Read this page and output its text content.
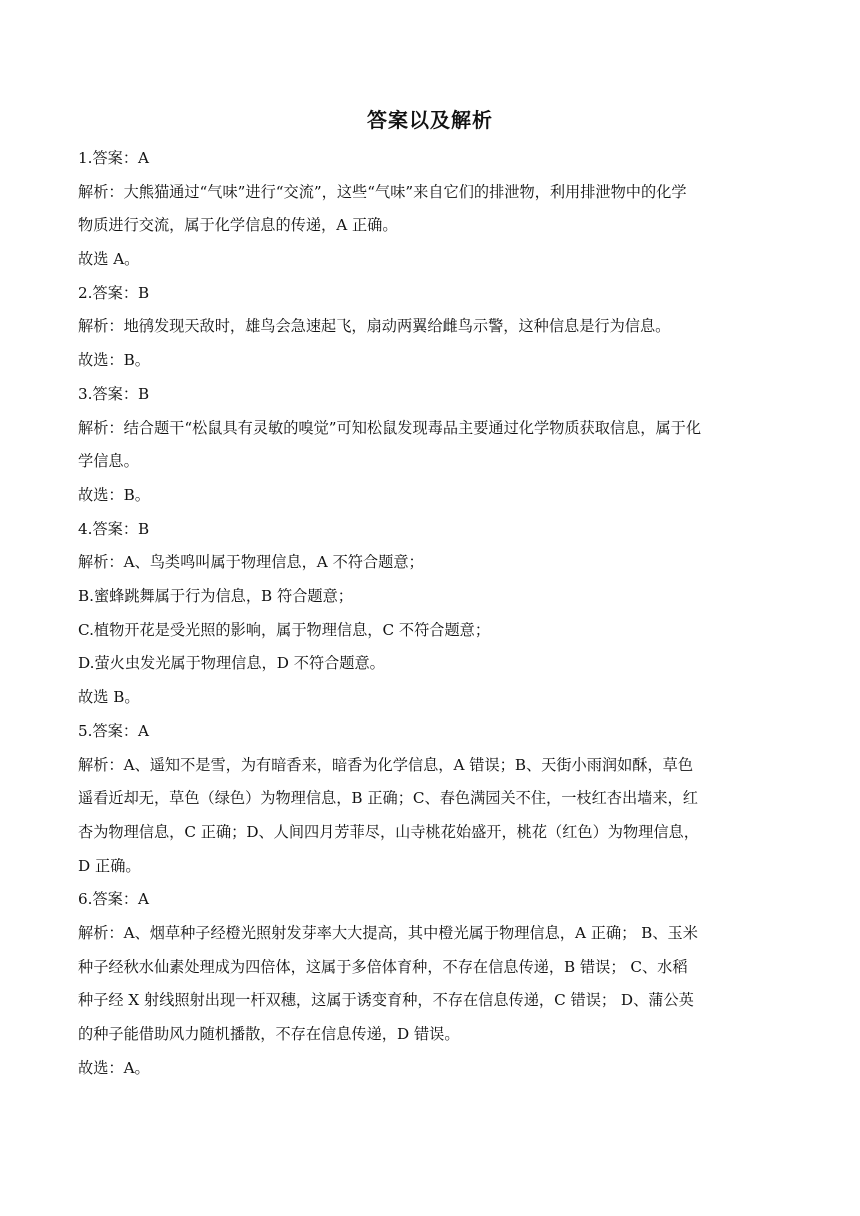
答案以及解析
1.答案：A
解析：大熊猫通过“气味”进行“交流”，这些“气味”来自它们的排泄物，利用排泄物中的化学
物质进行交流，属于化学信息的传递，A 正确。
故选 A。
2.答案：B
解析：地鸻发现天敌时，雄鸟会急速起飞，扇动两翼给雌鸟示警，这种信息是行为信息。
故选：B。
3.答案：B
解析：结合题干“松鼠具有灵敏的嗅觉”可知松鼠发现毒品主要通过化学物质获取信息，属于化
学信息。
故选：B。
4.答案：B
解析：A、鸟类鸣叫属于物理信息，A 不符合题意；
B.蜜蜂跳舞属于行为信息，B 符合题意；
C.植物开花是受光照的影响，属于物理信息，C 不符合题意；
D.萤火虫发光属于物理信息，D 不符合题意。
故选 B。
5.答案：A
解析：A、遥知不是雪，为有暗香来，暗香为化学信息，A 错误；B、天街小雨润如酥，草色
遥看近却无，草色（绿色）为物理信息，B 正确；C、春色满园关不住，一枝红杏出墙来，红
杏为物理信息，C 正确；D、人间四月芳菲尽，山寺桃花始盛开，桃花（红色）为物理信息，
D 正确。
6.答案：A
解析：A、烟草种子经橙光照射发芽率大大提高，其中橙光属于物理信息，A 正确； B、玉米
种子经秋水仙素处理成为四倍体，这属于多倍体育种，不存在信息传递，B 错误； C、水稻
种子经 X 射线照射出现一杆双穗，这属于诱变育种，不存在信息传递，C 错误； D、蒲公英
的种子能借助风力随机播散，不存在信息传递，D 错误。
故选：A。
